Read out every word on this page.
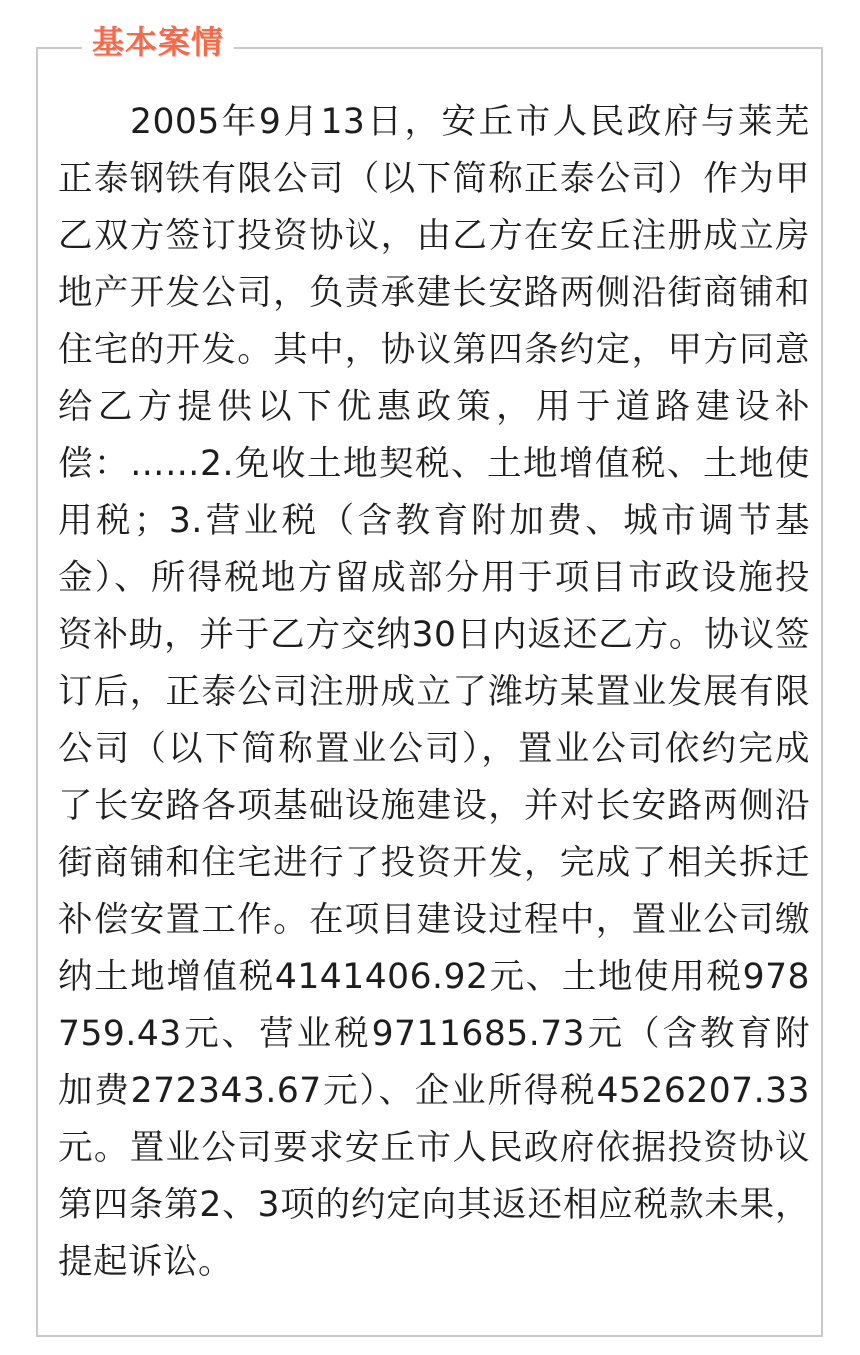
基本案情

2005年9月13日，安丘市人民政府与莱芜正泰钢铁有限公司（以下简称正泰公司）作为甲乙双方签订投资协议，由乙方在安丘注册成立房地产开发公司，负责承建长安路两侧沿街商铺和住宅的开发。其中，协议第四条约定，甲方同意给乙方提供以下优惠政策，用于道路建设补偿：……2.免收土地契税、土地增值税、土地使用税；3.营业税（含教育附加费、城市调节基金）、所得税地方留成部分用于项目市政设施投资补助，并于乙方交纳30日内返还乙方。协议签订后，正泰公司注册成立了潍坊某置业发展有限公司（以下简称置业公司），置业公司依约完成了长安路各项基础设施建设，并对长安路两侧沿街商铺和住宅进行了投资开发，完成了相关拆迁补偿安置工作。在项目建设过程中，置业公司缴纳土地增值税4141406.92元、土地使用税978759.43元、营业税9711685.73元（含教育附加费272343.67元）、企业所得税4526207.33元。置业公司要求安丘市人民政府依据投资协议第四条第2、3项的约定向其返还相应税款未果，提起诉讼。
